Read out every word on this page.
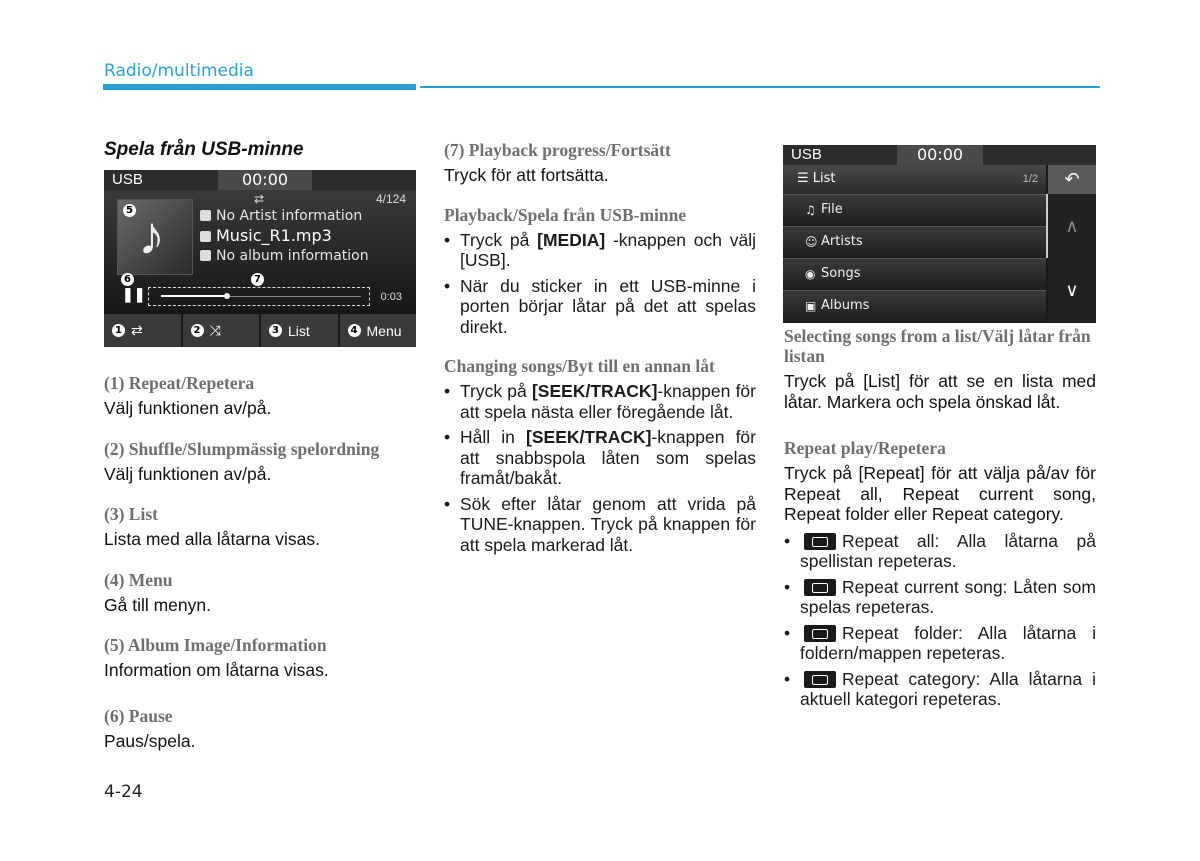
Radio/multimedia
Spela från USB-minne
USB	00:00
♪
5
⇄	4/124
No Artist information
Music_R1.mp3
No album information
6	7
❚❚	0:03
1 ⇄	2 ⤨	3 List	4 Menu
(1) Repeat/Repetera
Välj funktionen av/på.
(2) Shuffle/Slumpmässig spelordning
Välj funktionen av/på.
(3) List
Lista med alla låtarna visas.
(4) Menu
Gå till menyn.
(5) Album Image/Information
Information om låtarna visas.
(6) Pause
Paus/spela.
(7) Playback progress/Fortsätt
Tryck för att fortsätta.
Playback/Spela från USB-minne
• Tryck på [MEDIA] -knappen och välj [USB].
• När du sticker in ett USB-minne i porten börjar låtar på det att spelas direkt.
Changing songs/Byt till en annan låt
• Tryck på [SEEK/TRACK]-knappen för att spela nästa eller föregående låt.
• Håll in [SEEK/TRACK]-knappen för att snabbspola låten som spelas framåt/bakåt.
• Sök efter låtar genom att vrida på TUNE-knappen. Tryck på knappen för att spela markerad låt.
USB	00:00
☰ List	1/2	↶
♫ File
☺ Artists
◉ Songs
▣ Albums
∧
∨
Selecting songs from a list/Välj låtar från listan
Tryck på [List] för att se en lista med låtar. Markera och spela önskad låt.
Repeat play/Repetera
Tryck på [Repeat] för att välja på/av för Repeat all, Repeat current song, Repeat folder eller Repeat category.
• Repeat all: Alla låtarna på spellistan repeteras.
• Repeat current song: Låten som spelas repeteras.
• Repeat folder: Alla låtarna i foldern/mappen repeteras.
• Repeat category: Alla låtarna i aktuell kategori repeteras.
4-24
